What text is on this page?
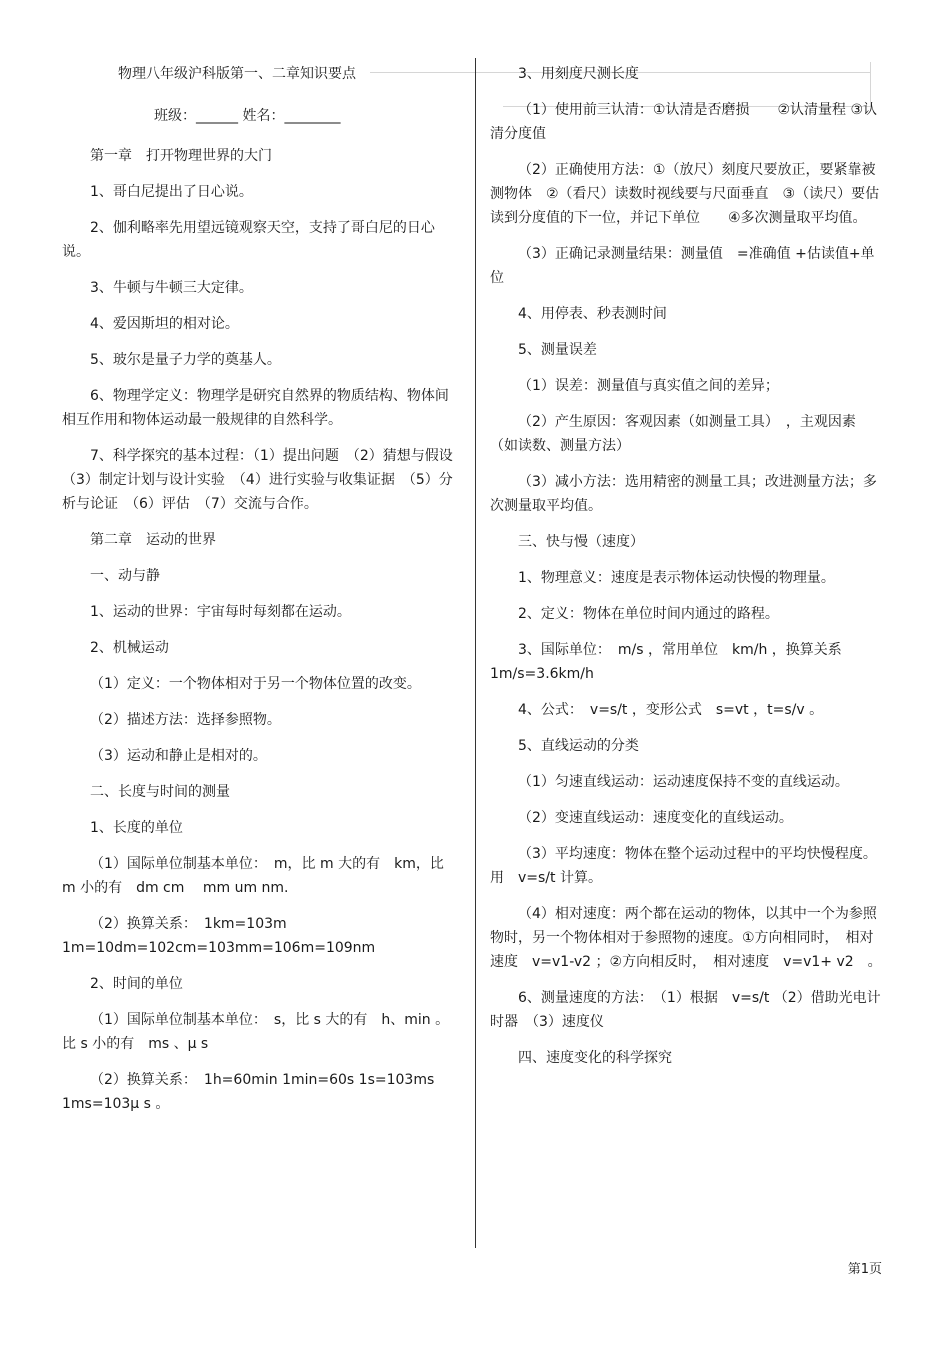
物理八年级沪科版第一、二章知识要点

班级：______ 姓名：________

第一章　打开物理世界的大门

1、哥白尼提出了日心说。

2、伽利略率先用望远镜观察天空，支持了哥白尼的日心说。

3、牛顿与牛顿三大定律。

4、爱因斯坦的相对论。

5、玻尔是量子力学的奠基人。

6、物理学定义：物理学是研究自然界的物质结构、物体间相互作用和物体运动最一般规律的自然科学。

7、科学探究的基本过程：（1）提出问题　（2）猜想与假设　（3）制定计划与设计实验　（4）进行实验与收集证据　（5）分析与论证　（6）评估　（7）交流与合作。

第二章　运动的世界

一、动与静

1、运动的世界：宇宙每时每刻都在运动。

2、机械运动

（1）定义：一个物体相对于另一个物体位置的改变。

（2）描述方法：选择参照物。

（3）运动和静止是相对的。

二、长度与时间的测量

1、长度的单位

（1）国际单位制基本单位：　m，比 m 大的有　km，比 m 小的有　dm cm　 mm um nm.

（2）换算关系：　1km=103m　1m=10dm=102cm=103mm=106m=109nm

2、时间的单位

（1）国际单位制基本单位：　s，比 s 大的有　h、min 。比 s 小的有　ms 、μ s

（2）换算关系：　1h=60min 1min=60s 1s=103ms 1ms=103μ s 。

3、用刻度尺测长度

（1）使用前三认清：①认清是否磨损　　②认清量程 ③认清分度值

（2）正确使用方法：①（放尺）刻度尺要放正，要紧靠被测物体　②（看尺）读数时视线要与尺面垂直　③（读尺）要估读到分度值的下一位，并记下单位　　④多次测量取平均值。

（3）正确记录测量结果：测量值　=准确值 +估读值+单位

4、用停表、秒表测时间

5、测量误差

（1）误差：测量值与真实值之间的差异；

（2）产生原因：客观因素（如测量工具）　，主观因素（如读数、测量方法）

（3）减小方法：选用精密的测量工具；改进测量方法；多次测量取平均值。

三、快与慢（速度）

1、物理意义：速度是表示物体运动快慢的物理量。

2、定义：物体在单位时间内通过的路程。

3、国际单位：　m/s ，常用单位　km/h ，换算关系 1m/s=3.6km/h

4、公式：　v=s/t ，变形公式　s=vt ，t=s/v 。

5、直线运动的分类

（1）匀速直线运动：运动速度保持不变的直线运动。

（2）变速直线运动：速度变化的直线运动。

（3）平均速度：物体在整个运动过程中的平均快慢程度。用　v=s/t 计算。

（4）相对速度：两个都在运动的物体，以其中一个为参照物时，另一个物体相对于参照物的速度。①方向相同时，　相对速度　v=v1-v2 ；②方向相反时，　相对速度　v=v1+ v2　。

6、测量速度的方法：　（1）根据　v=s/t （2）借助光电计时器　（3）速度仪

四、速度变化的科学探究

第1页
